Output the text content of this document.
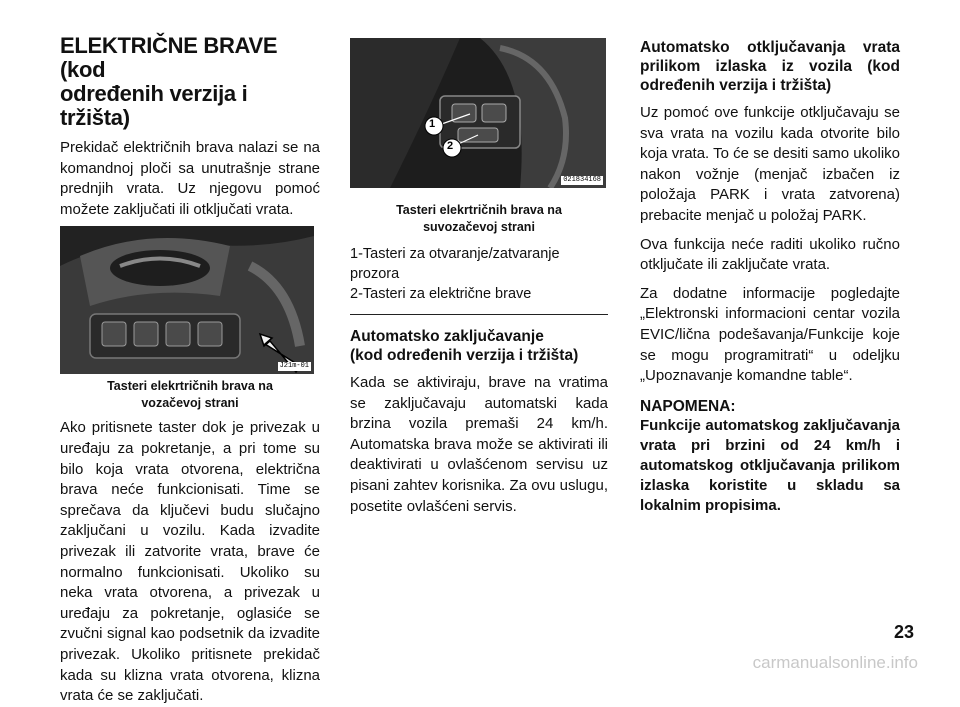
ELEKTRIČNE BRAVE (kod
određenih verzija i tržišta)

Prekidač električnih brava nalazi se na komandnoj ploči sa unutrašnje strane prednjih vrata. Uz njegovu pomoć možete zaključati ili otključati vrata.

J21m-01
Tasteri elekrtričnih brava na
vozačevoj strani

Ako pritisnete taster dok je privezak u uređaju za pokretanje, a pri tome su bilo koja vrata otvorena, električna brava neće funkcionisati. Time se sprečava da ključevi budu slučajno zaključani u vozilu. Kada izvadite privezak ili zatvorite vrata, brave će normalno funkcionisati. Ukoliko su neka vrata otvorena, a privezak u uređaju za pokretanje, oglasiće se zvučni signal kao podsetnik da izvadite privezak. Ukoliko pritisnete prekidač kada su klizna vrata otvorena, klizna vrata će se zaključati.

1
2
021834168
Tasteri elekrtričnih brava na
suvozačevoj strani
1-Tasteri za otvaranje/zatvaranje prozora
2-Tasteri za električne brave
Automatsko zaključavanje
(kod određenih verzija i tržišta)

Kada se aktiviraju, brave na vratima se zaključavaju automatski kada brzina vozila premaši 24 km/h. Automatska brava može se aktivirati ili deaktivirati u ovlašćenom servisu uz pisani zahtev korisnika. Za ovu uslugu, posetite ovlašćeni servis.

Automatsko otključavanja vrata prilikom izlaska iz vozila (kod određenih verzija i tržišta)

Uz pomoć ove funkcije otključavaju se sva vrata na vozilu kada otvorite bilo koja vrata. To će se desiti samo ukoliko nakon vožnje (menjač izbačen iz položaja PARK i vrata zatvorena) prebacite menjač u položaj PARK.

Ova funkcija neće raditi ukoliko ručno otključate ili zaključate vrata.

Za dodatne informacije pogledajte „Elektronski informacioni centar vozila EVIC/lična podešavanja/Funkcije koje se mogu programitrati“ u odeljku „Upoznavanje komandne table“.

NAPOMENA:

Funkcije automatskog zaključavanja vrata pri brzini od 24 km/h i automatskog otključavanja prilikom izlaska koristite u skladu sa lokalnim propisima.

23
carmanualsonline.info
